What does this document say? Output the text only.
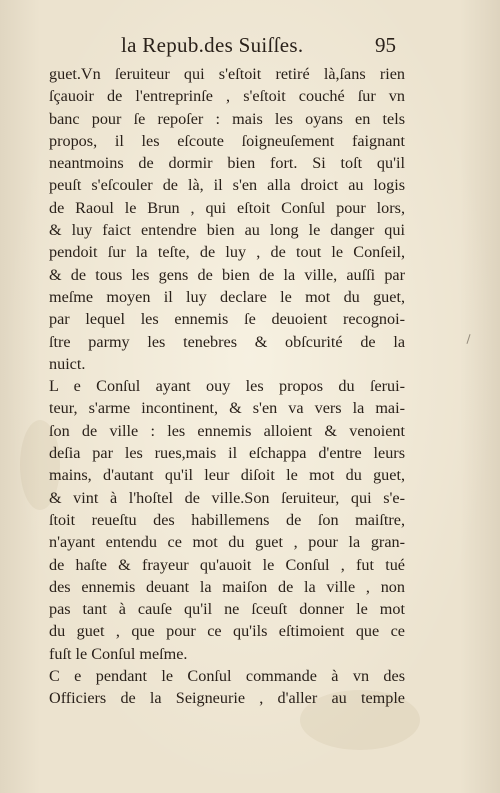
la Repub.des Suiſſes.	95
guet.Vn ſeruiteur qui s'eſtoit retiré là,ſans rien
ſçauoir de l'entreprinſe , s'eſtoit couché ſur vn
banc pour ſe repoſer : mais les oyans en tels
propos, il les eſcoute ſoigneuſement faignant
neantmoins de dormir bien fort. Si toſt qu'il
peuſt s'eſcouler de là, il s'en alla droict au logis
de Raoul le Brun , qui eſtoit Conſul pour lors,
& luy faict entendre bien au long le danger qui
pendoit ſur la teſte, de luy , de tout le Conſeil,
& de tous les gens de bien de la ville, auſſi par
meſme moyen il luy declare le mot du guet,
par lequel les ennemis ſe deuoient recognoi-
ſtre parmy les tenebres & obſcurité de la
nuict.
L e Conſul ayant ouy les propos du ſerui-
teur, s'arme incontinent, & s'en va vers la mai-
ſon de ville : les ennemis alloient & venoient
deſia par les rues,mais il eſchappa d'entre leurs
mains, d'autant qu'il leur diſoit le mot du guet,
& vint à l'hoſtel de ville.Son ſeruiteur, qui s'e-
ſtoit reueſtu des habillemens de ſon maiſtre,
n'ayant entendu ce mot du guet , pour la gran-
de haſte & frayeur qu'auoit le Conſul , fut tué
des ennemis deuant la maiſon de la ville , non
pas tant à cauſe qu'il ne ſceuſt donner le mot
du guet , que pour ce qu'ils eſtimoient que ce
fuſt le Conſul meſme.
C e pendant le Conſul commande à vn des
Officiers de la Seigneurie , d'aller au temple
